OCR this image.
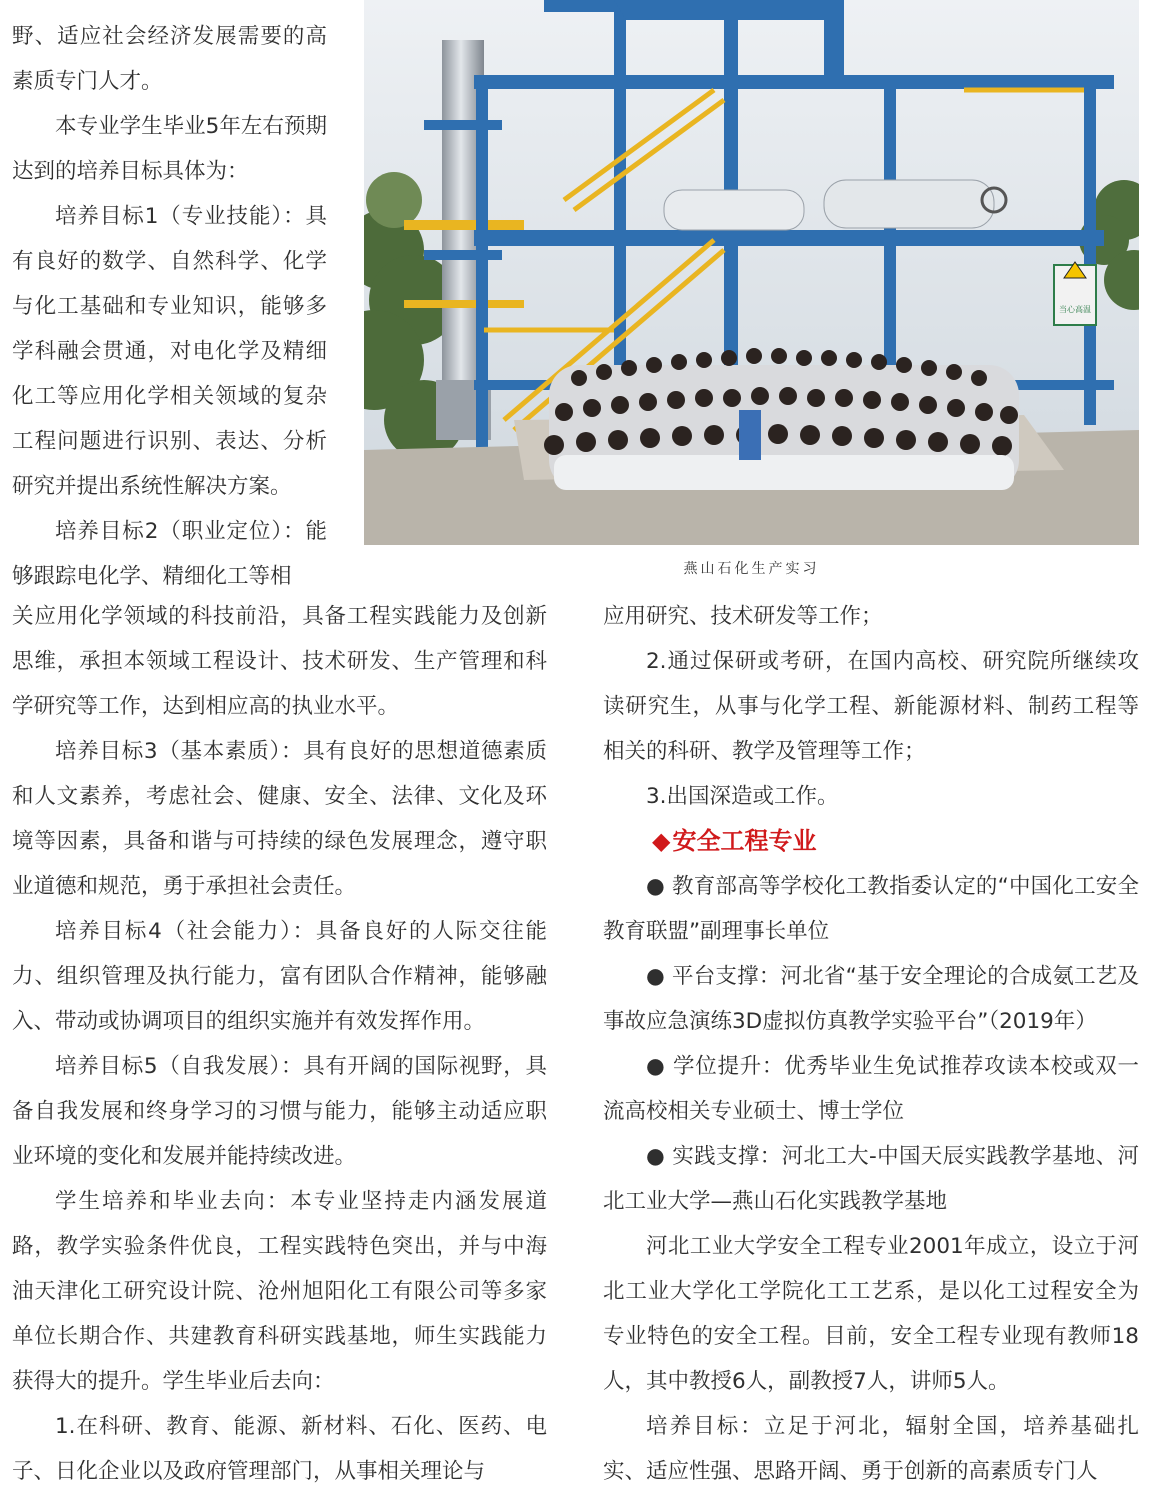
野、适应社会经济发展需要的高素质专门人才。

本专业学生毕业5年左右预期达到的培养目标具体为：

培养目标1（专业技能）：具有良好的数学、自然科学、化学与化工基础和专业知识，能够多学科融会贯通，对电化学及精细化工等应用化学相关领域的复杂工程问题进行识别、表达、分析研究并提出系统性解决方案。

培养目标2（职业定位）：能够跟踪电化学、精细化工等相

关应用化学领域的科技前沿，具备工程实践能力及创新思维，承担本领域工程设计、技术研发、生产管理和科学研究等工作，达到相应高的执业水平。

培养目标3（基本素质）：具有良好的思想道德素质和人文素养，考虑社会、健康、安全、法律、文化及环境等因素，具备和谐与可持续的绿色发展理念，遵守职业道德和规范，勇于承担社会责任。

培养目标4（社会能力）：具备良好的人际交往能力、组织管理及执行能力，富有团队合作精神，能够融入、带动或协调项目的组织实施并有效发挥作用。

培养目标5（自我发展）：具有开阔的国际视野，具备自我发展和终身学习的习惯与能力，能够主动适应职业环境的变化和发展并能持续改进。

学生培养和毕业去向：本专业坚持走内涵发展道路，教学实验条件优良，工程实践特色突出，并与中海油天津化工研究设计院、沧州旭阳化工有限公司等多家单位长期合作、共建教育科研实践基地，师生实践能力获得大的提升。学生毕业后去向：

1.在科研、教育、能源、新材料、石化、医药、电子、日化企业以及政府管理部门，从事相关理论与

当心高温
燕山石化生产实习

应用研究、技术研发等工作；

2.通过保研或考研，在国内高校、研究院所继续攻读研究生，从事与化学工程、新能源材料、制药工程等相关的科研、教学及管理等工作；

3.出国深造或工作。

◆安全工程专业

● 教育部高等学校化工教指委认定的“中国化工安全教育联盟”副理事长单位

● 平台支撑：河北省“基于安全理论的合成氨工艺及事故应急演练3D虚拟仿真教学实验平台”（2019年）

● 学位提升：优秀毕业生免试推荐攻读本校或双一流高校相关专业硕士、博士学位

● 实践支撑：河北工大-中国天辰实践教学基地、河北工业大学—燕山石化实践教学基地

河北工业大学安全工程专业2001年成立，设立于河北工业大学化工学院化工工艺系，是以化工过程安全为专业特色的安全工程。目前，安全工程专业现有教师18人，其中教授6人，副教授7人，讲师5人。

培养目标：立足于河北，辐射全国，培养基础扎实、适应性强、思路开阔、勇于创新的高素质专门人
